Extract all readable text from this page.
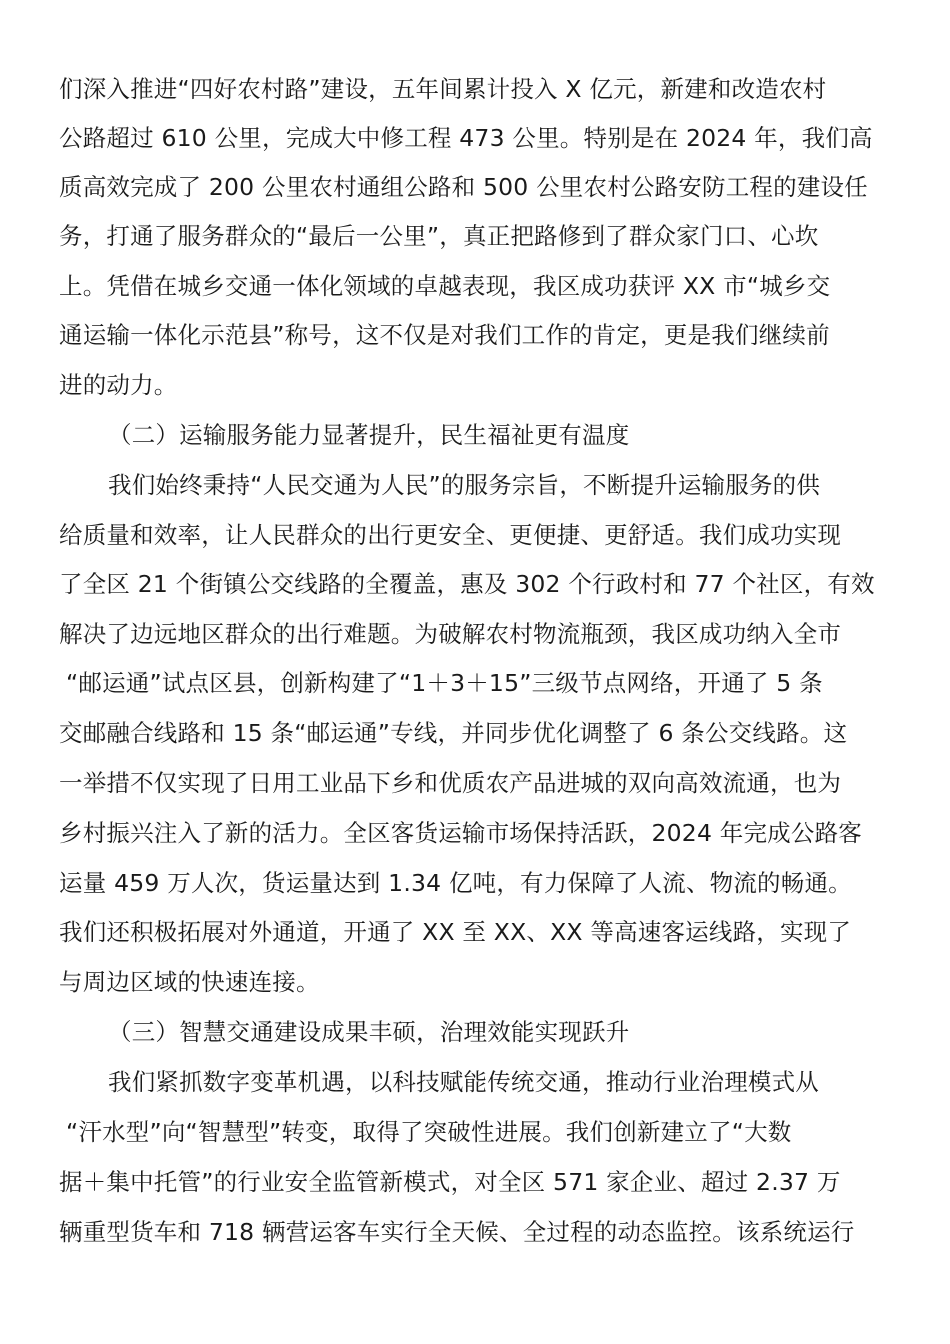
们深入推进“四好农村路”建设，五年间累计投入 X 亿元，新建和改造农村
公路超过 610 公里，完成大中修工程 473 公里。特别是在 2024 年，我们高
质高效完成了 200 公里农村通组公路和 500 公里农村公路安防工程的建设任
务，打通了服务群众的“最后一公里”，真正把路修到了群众家门口、心坎
上。凭借在城乡交通一体化领域的卓越表现，我区成功获评 XX 市“城乡交
通运输一体化示范县”称号，这不仅是对我们工作的肯定，更是我们继续前
进的动力。
（二）运输服务能力显著提升，民生福祉更有温度
我们始终秉持“人民交通为人民”的服务宗旨，不断提升运输服务的供
给质量和效率，让人民群众的出行更安全、更便捷、更舒适。我们成功实现
了全区 21 个街镇公交线路的全覆盖，惠及 302 个行政村和 77 个社区，有效
解决了边远地区群众的出行难题。为破解农村物流瓶颈，我区成功纳入全市
“邮运通”试点区县，创新构建了“1＋3＋15”三级节点网络，开通了 5 条
交邮融合线路和 15 条“邮运通”专线，并同步优化调整了 6 条公交线路。这
一举措不仅实现了日用工业品下乡和优质农产品进城的双向高效流通，也为
乡村振兴注入了新的活力。全区客货运输市场保持活跃，2024 年完成公路客
运量 459 万人次，货运量达到 1.34 亿吨，有力保障了人流、物流的畅通。
我们还积极拓展对外通道，开通了 XX 至 XX、XX 等高速客运线路，实现了
与周边区域的快速连接。
（三）智慧交通建设成果丰硕，治理效能实现跃升
我们紧抓数字变革机遇，以科技赋能传统交通，推动行业治理模式从
“汗水型”向“智慧型”转变，取得了突破性进展。我们创新建立了“大数
据＋集中托管”的行业安全监管新模式，对全区 571 家企业、超过 2.37 万
辆重型货车和 718 辆营运客车实行全天候、全过程的动态监控。该系统运行
